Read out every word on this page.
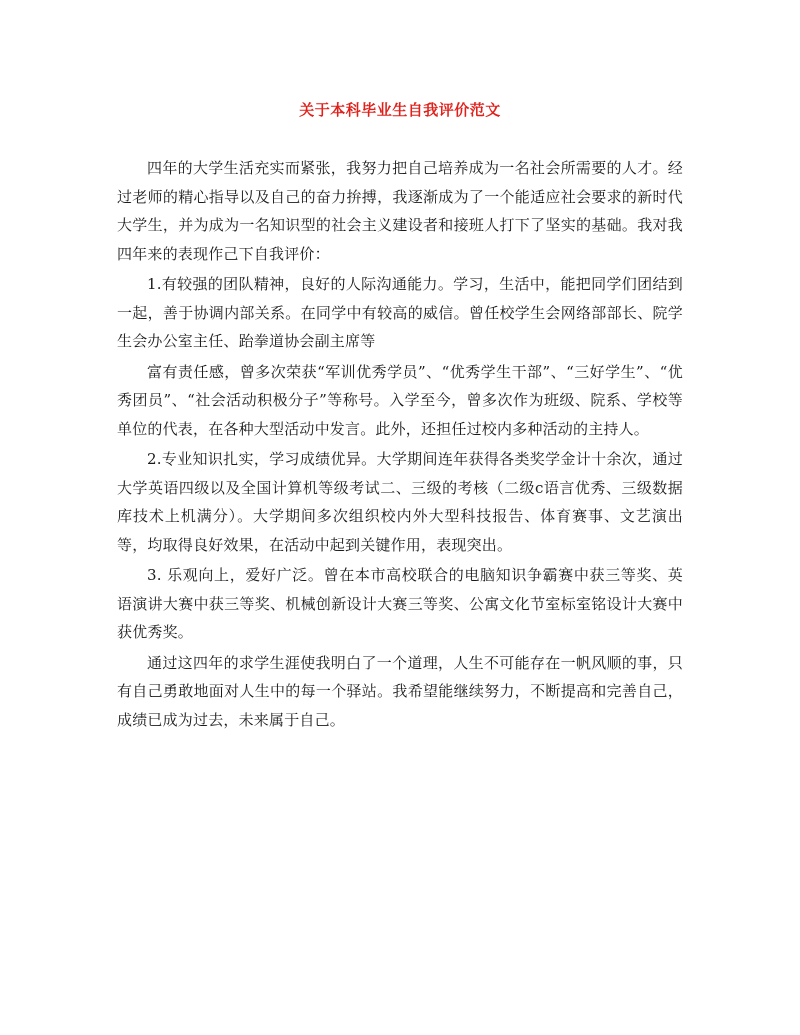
关于本科毕业生自我评价范文

四年的大学生活充实而紧张，我努力把自己培养成为一名社会所需要的人才。经过老师的精心指导以及自己的奋力拚搏，我逐渐成为了一个能适应社会要求的新时代大学生，并为成为一名知识型的社会主义建设者和接班人打下了坚实的基础。我对我四年来的表现作己下自我评价：

1.有较强的团队精神，良好的人际沟通能力。学习，生活中，能把同学们团结到一起，善于协调内部关系。在同学中有较高的威信。曾任校学生会网络部部长、院学生会办公室主任、跆拳道协会副主席等

富有责任感，曾多次荣获“军训优秀学员”、“优秀学生干部”、“三好学生”、“优秀团员”、“社会活动积极分子”等称号。入学至今，曾多次作为班级、院系、学校等单位的代表，在各种大型活动中发言。此外，还担任过校内多种活动的主持人。

2.专业知识扎实，学习成绩优异。大学期间连年获得各类奖学金计十余次，通过大学英语四级以及全国计算机等级考试二、三级的考核（二级c语言优秀、三级数据库技术上机满分）。大学期间多次组织校内外大型科技报告、体育赛事、文艺演出等，均取得良好效果，在活动中起到关键作用，表现突出。

3. 乐观向上，爱好广泛。曾在本市高校联合的电脑知识争霸赛中获三等奖、英语演讲大赛中获三等奖、机械创新设计大赛三等奖、公寓文化节室标室铭设计大赛中获优秀奖。

通过这四年的求学生涯使我明白了一个道理，人生不可能存在一帆风顺的事，只有自己勇敢地面对人生中的每一个驿站。我希望能继续努力，不断提高和完善自己，成绩已成为过去，未来属于自己。
